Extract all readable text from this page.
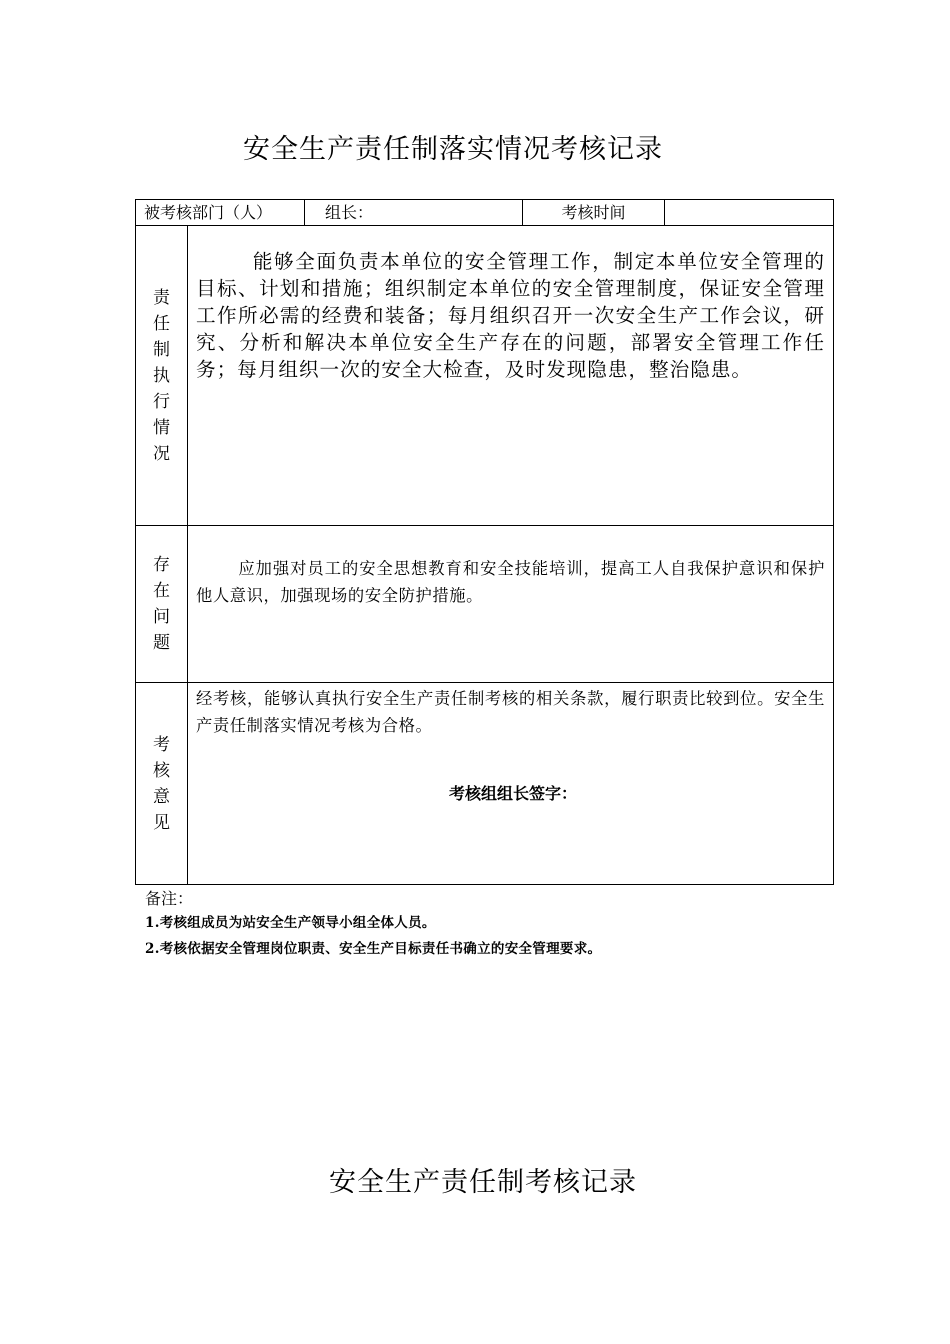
安全生产责任制落实情况考核记录
被考核部门（人）	组长：	考核时间
责任制执行情况

能够全面负责本单位的安全管理工作，制定本单位安全管理的目标、计划和措施；组织制定本单位的安全管理制度，保证安全管理工作所必需的经费和装备；每月组织召开一次安全生产工作会议，研究、分析和解决本单位安全生产存在的问题，部署安全管理工作任务；每月组织一次的安全大检查，及时发现隐患，整治隐患。

存在问题

应加强对员工的安全思想教育和安全技能培训，提高工人自我保护意识和保护他人意识，加强现场的安全防护措施。

考核意见

经考核，能够认真执行安全生产责任制考核的相关条款，履行职责比较到位。安全生产责任制落实情况考核为合格。

考核组组长签字：

备注：

1.考核组成员为站安全生产领导小组全体人员。

2.考核依据安全管理岗位职责、安全生产目标责任书确立的安全管理要求。

安全生产责任制考核记录
